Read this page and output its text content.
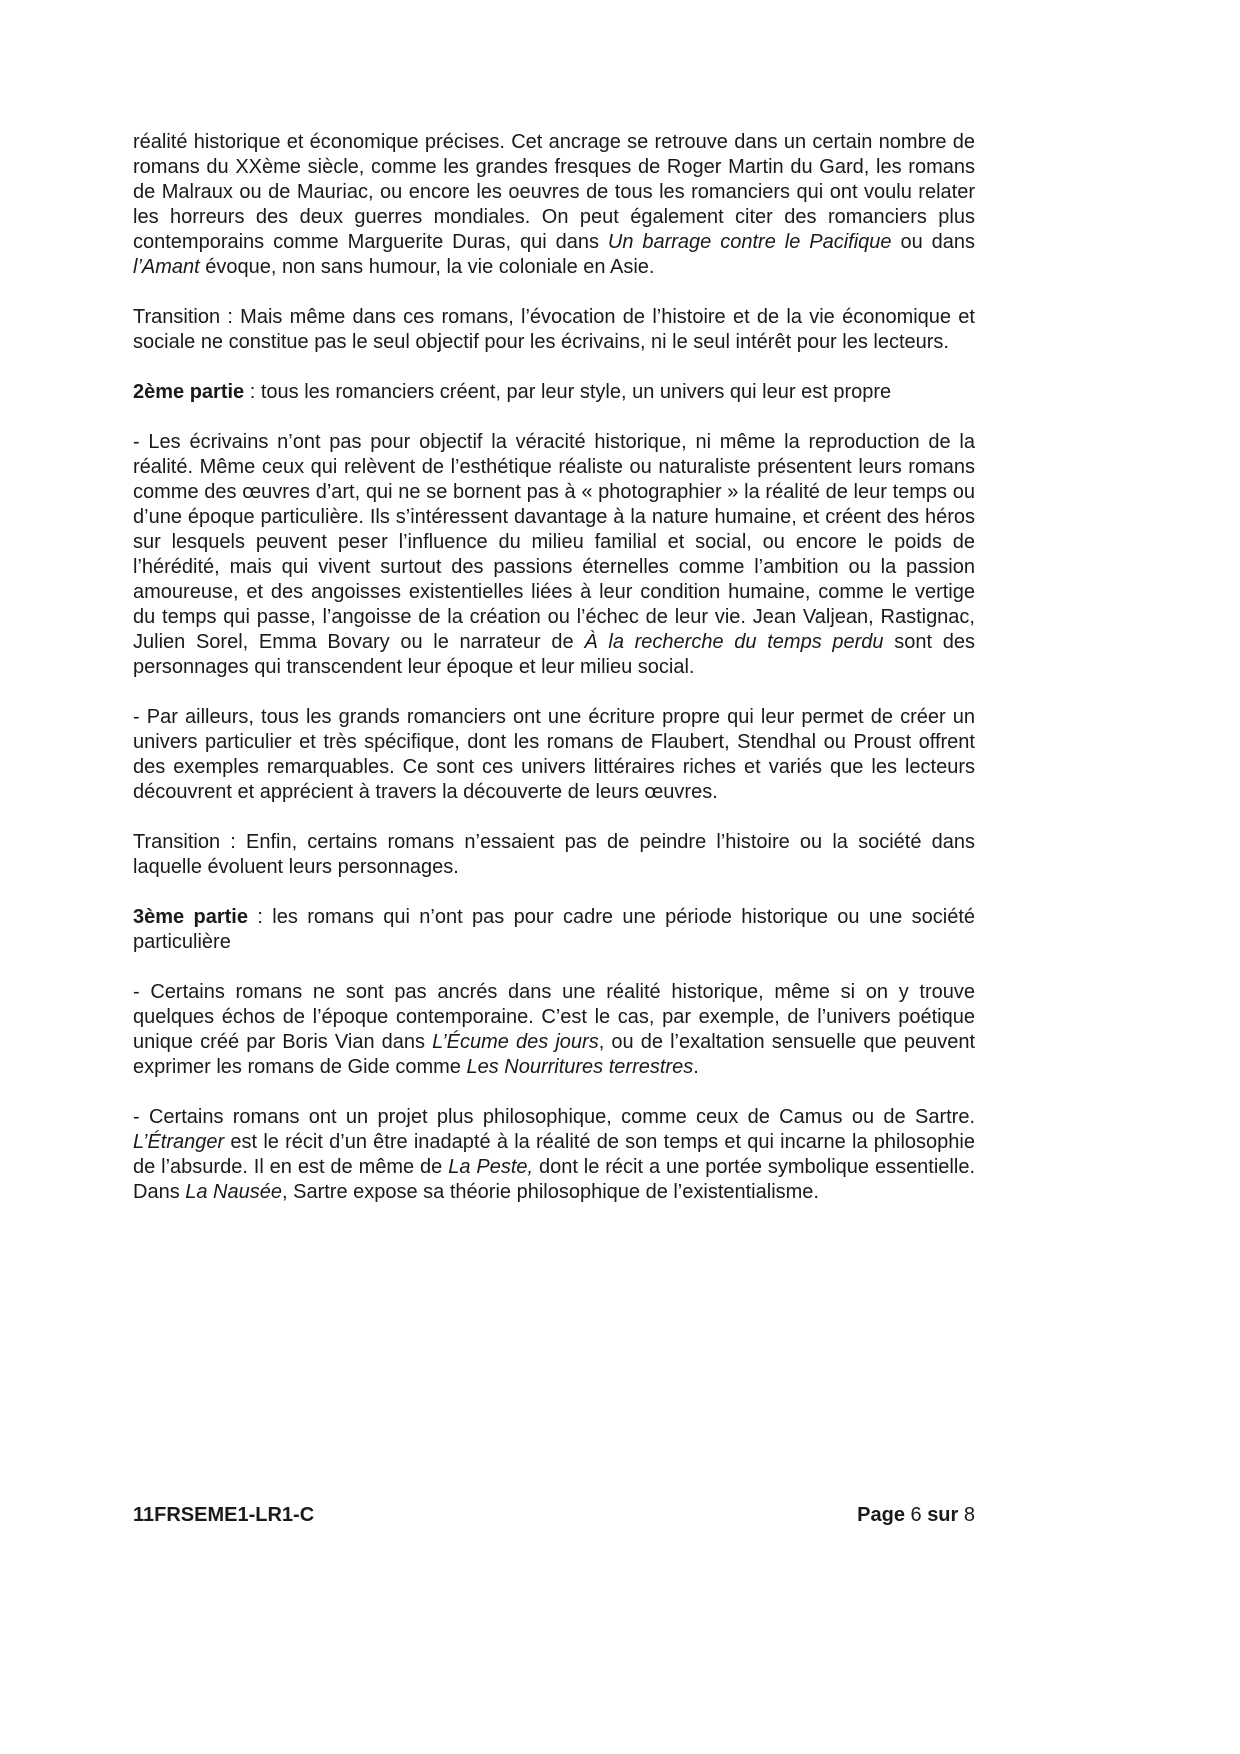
réalité historique et économique précises. Cet ancrage se retrouve dans un certain nombre de romans du XXème siècle, comme les grandes fresques de Roger Martin du Gard, les romans de Malraux ou de Mauriac, ou encore les oeuvres de tous les romanciers qui ont voulu relater les horreurs des deux guerres mondiales. On peut également citer des romanciers plus contemporains comme Marguerite Duras, qui dans Un barrage contre le Pacifique ou dans l’Amant évoque, non sans humour, la vie coloniale en Asie.

Transition : Mais même dans ces romans, l’évocation de l’histoire et de la vie économique et sociale ne constitue pas le seul objectif pour les écrivains, ni le seul intérêt pour les lecteurs.

2ème partie : tous les romanciers créent, par leur style, un univers qui leur est propre

- Les écrivains n’ont pas pour objectif la véracité historique, ni même la reproduction de la réalité. Même ceux qui relèvent de l’esthétique réaliste ou naturaliste présentent leurs romans comme des œuvres d’art, qui ne se bornent pas à « photographier » la réalité de leur temps ou d’une époque particulière. Ils s’intéressent davantage à la nature humaine, et créent des héros sur lesquels peuvent peser l’influence du milieu familial et social, ou encore le poids de l’hérédité, mais qui vivent surtout des passions éternelles comme l’ambition ou la passion amoureuse, et des angoisses existentielles liées à leur condition humaine, comme le vertige du temps qui passe, l’angoisse de la création ou l’échec de leur vie. Jean Valjean, Rastignac, Julien Sorel, Emma Bovary ou le narrateur de À la recherche du temps perdu sont des personnages qui transcendent leur époque et leur milieu social.

- Par ailleurs, tous les grands romanciers ont une écriture propre qui leur permet de créer un univers particulier et très spécifique, dont les romans de Flaubert, Stendhal ou Proust offrent des exemples remarquables. Ce sont ces univers littéraires riches et variés que les lecteurs découvrent et apprécient à travers la découverte de leurs œuvres.

Transition : Enfin, certains romans n’essaient pas de peindre l’histoire ou la société dans laquelle évoluent leurs personnages.

3ème partie : les romans qui n’ont pas pour cadre une période historique ou une société particulière

- Certains romans ne sont pas ancrés dans une réalité historique, même si on y trouve quelques échos de l’époque contemporaine. C’est le cas, par exemple, de l’univers poétique unique créé par Boris Vian dans L’Écume des jours, ou de l’exaltation sensuelle que peuvent exprimer les romans de Gide comme Les Nourritures terrestres.

- Certains romans ont un projet plus philosophique, comme ceux de Camus ou de Sartre. L’Étranger est le récit d’un être inadapté à la réalité de son temps et qui incarne la philosophie de l’absurde. Il en est de même de La Peste, dont le récit a une portée symbolique essentielle. Dans La Nausée, Sartre expose sa théorie philosophique de l’existentialisme.

11FRSEME1-LR1-C	Page 6 sur 8
